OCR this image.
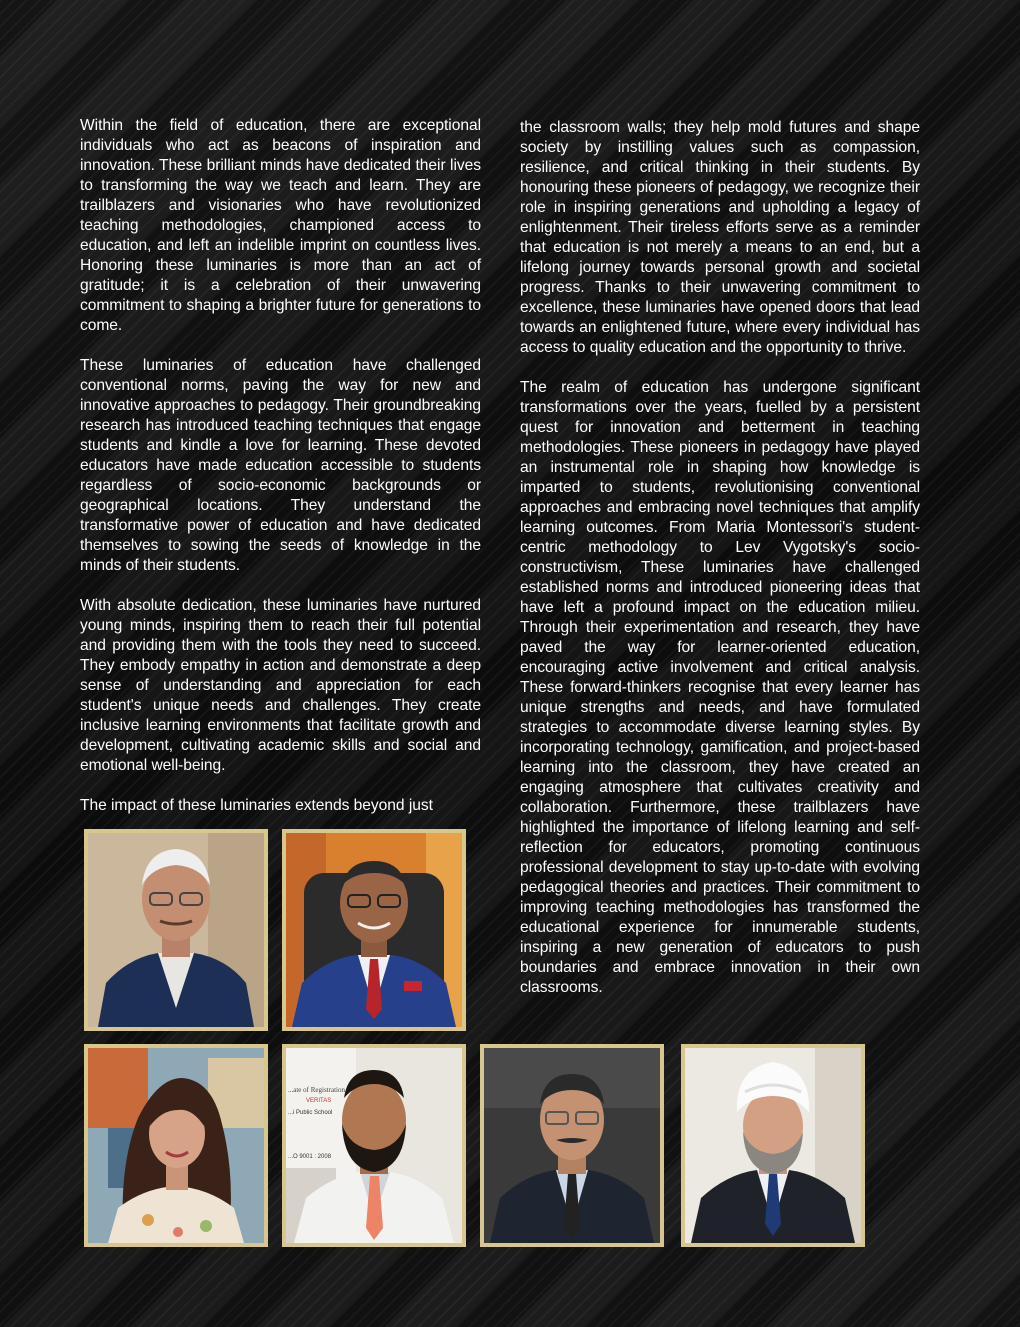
Within the field of education, there are exceptional individuals who act as beacons of inspiration and innovation. These brilliant minds have dedicated their lives to transforming the way we teach and learn. They are trailblazers and visionaries who have revolutionized teaching methodologies, championed access to education, and left an indelible imprint on countless lives. Honoring these luminaries is more than an act of gratitude; it is a celebration of their unwavering commitment to shaping a brighter future for generations to come.

These luminaries of education have challenged conventional norms, paving the way for new and innovative approaches to pedagogy. Their groundbreaking research has introduced teaching techniques that engage students and kindle a love for learning. These devoted educators have made education accessible to students regardless of socio-economic backgrounds or geographical locations. They understand the transformative power of education and have dedicated themselves to sowing the seeds of knowledge in the minds of their students.

With absolute dedication, these luminaries have nurtured young minds, inspiring them to reach their full potential and providing them with the tools they need to succeed. They embody empathy in action and demonstrate a deep sense of understanding and appreciation for each student's unique needs and challenges. They create inclusive learning environments that facilitate growth and development, cultivating academic skills and social and emotional well-being.

The impact of these luminaries extends beyond just

the classroom walls; they help mold futures and shape society by instilling values such as compassion, resilience, and critical thinking in their students. By honouring these pioneers of pedagogy, we recognize their role in inspiring generations and upholding a legacy of enlightenment. Their tireless efforts serve as a reminder that education is not merely a means to an end, but a lifelong journey towards personal growth and societal progress. Thanks to their unwavering commitment to excellence, these luminaries have opened doors that lead towards an enlightened future, where every individual has access to quality education and the opportunity to thrive.

The realm of education has undergone significant transformations over the years, fuelled by a persistent quest for innovation and betterment in teaching methodologies. These pioneers in pedagogy have played an instrumental role in shaping how knowledge is imparted to students, revolutionising conventional approaches and embracing novel techniques that amplify learning outcomes. From Maria Montessori's student-centric methodology to Lev Vygotsky's socio-constructivism, These luminaries have challenged established norms and introduced pioneering ideas that have left a profound impact on the education milieu. Through their experimentation and research, they have paved the way for learner-oriented education, encouraging active involvement and critical analysis. These forward-thinkers recognise that every learner has unique strengths and needs, and have formulated strategies to accommodate diverse learning styles. By incorporating technology, gamification, and project-based learning into the classroom, they have created an engaging atmosphere that cultivates creativity and collaboration. Furthermore, these trailblazers have highlighted the importance of lifelong learning and self-reflection for educators, promoting continuous professional development to stay up-to-date with evolving pedagogical theories and practices. Their commitment to improving teaching methodologies has transformed the educational experience for innumerable students, inspiring a new generation of educators to push boundaries and embrace innovation in their own classrooms.

...ate of Registration
VERITAS
...i Public School
...O 9001 : 2008
